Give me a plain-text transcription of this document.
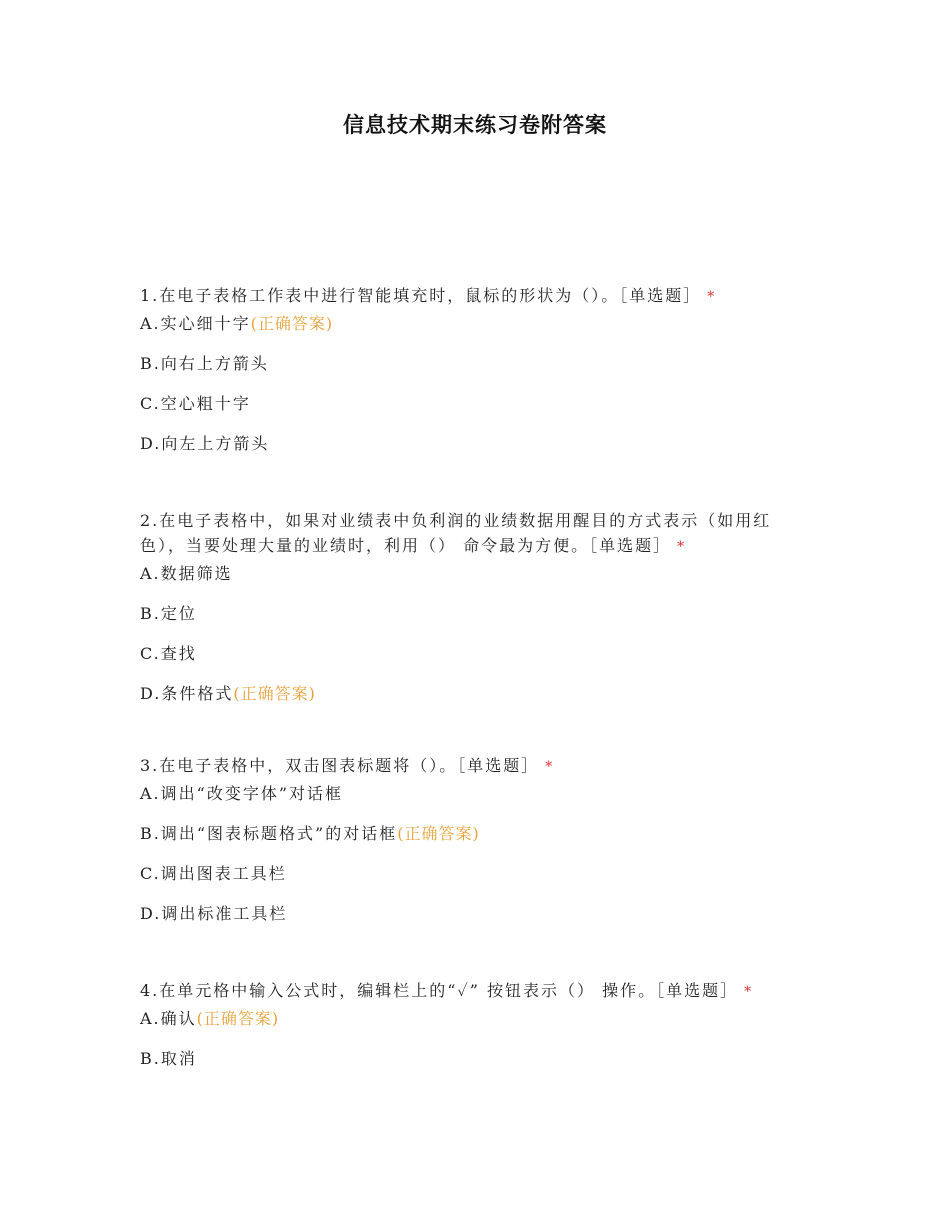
信息技术期末练习卷附答案
1.在电子表格工作表中进行智能填充时，鼠标的形状为（）。［单选题］ *
A.实心细十字(正确答案)
B.向右上方箭头
C.空心粗十字
D.向左上方箭头
2.在电子表格中，如果对业绩表中负利润的业绩数据用醒目的方式表示（如用红色），当要处理大量的业绩时，利用（） 命令最为方便。［单选题］ *
A.数据筛选
B.定位
C.查找
D.条件格式(正确答案)
3.在电子表格中，双击图表标题将（）。［单选题］ *
A.调出“改变字体”对话框
B.调出“图表标题格式”的对话框(正确答案)
C.调出图表工具栏
D.调出标准工具栏
4.在单元格中输入公式时，编辑栏上的“✓” 按钮表示（） 操作。［单选题］ *
A.确认(正确答案)
B.取消
